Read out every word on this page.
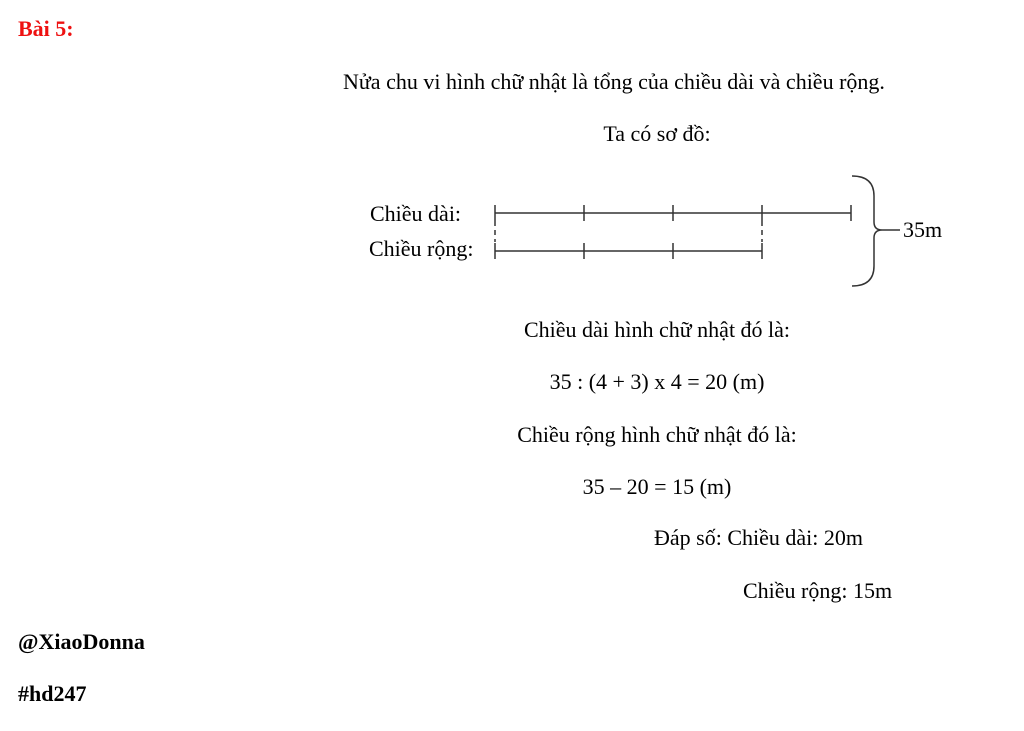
Bài 5:
Nửa chu vi hình chữ nhật là tổng của chiều dài và chiều rộng.
Ta có sơ đồ:
Chiều dài:
Chiều rộng:
35m
Chiều dài hình chữ nhật đó là:
35 : (4 + 3) x 4 = 20 (m)
Chiều rộng hình chữ nhật đó là:
35 – 20 = 15 (m)
Đáp số: Chiều dài: 20m
Chiều rộng: 15m
@XiaoDonna
#hd247
